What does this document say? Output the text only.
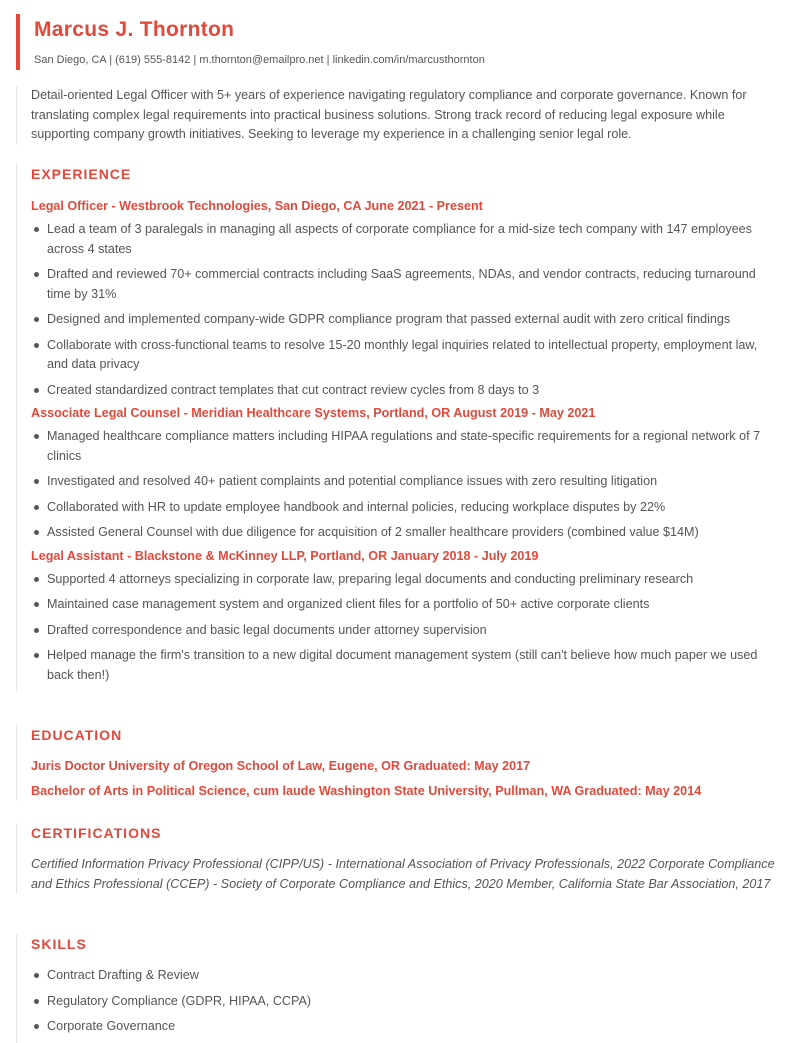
Marcus J. Thornton
San Diego, CA | (619) 555-8142 | m.thornton@emailpro.net | linkedin.com/in/marcusthornton
Detail-oriented Legal Officer with 5+ years of experience navigating regulatory compliance and corporate governance. Known for translating complex legal requirements into practical business solutions. Strong track record of reducing legal exposure while supporting company growth initiatives. Seeking to leverage my experience in a challenging senior legal role.
EXPERIENCE
Legal Officer - Westbrook Technologies, San Diego, CA June 2021 - Present
Lead a team of 3 paralegals in managing all aspects of corporate compliance for a mid-size tech company with 147 employees across 4 states
Drafted and reviewed 70+ commercial contracts including SaaS agreements, NDAs, and vendor contracts, reducing turnaround time by 31%
Designed and implemented company-wide GDPR compliance program that passed external audit with zero critical findings
Collaborate with cross-functional teams to resolve 15-20 monthly legal inquiries related to intellectual property, employment law, and data privacy
Created standardized contract templates that cut contract review cycles from 8 days to 3
Associate Legal Counsel - Meridian Healthcare Systems, Portland, OR August 2019 - May 2021
Managed healthcare compliance matters including HIPAA regulations and state-specific requirements for a regional network of 7 clinics
Investigated and resolved 40+ patient complaints and potential compliance issues with zero resulting litigation
Collaborated with HR to update employee handbook and internal policies, reducing workplace disputes by 22%
Assisted General Counsel with due diligence for acquisition of 2 smaller healthcare providers (combined value $14M)
Legal Assistant - Blackstone & McKinney LLP, Portland, OR January 2018 - July 2019
Supported 4 attorneys specializing in corporate law, preparing legal documents and conducting preliminary research
Maintained case management system and organized client files for a portfolio of 50+ active corporate clients
Drafted correspondence and basic legal documents under attorney supervision
Helped manage the firm's transition to a new digital document management system (still can't believe how much paper we used back then!)
EDUCATION
Juris Doctor University of Oregon School of Law, Eugene, OR Graduated: May 2017
Bachelor of Arts in Political Science, cum laude Washington State University, Pullman, WA Graduated: May 2014
CERTIFICATIONS
Certified Information Privacy Professional (CIPP/US) - International Association of Privacy Professionals, 2022 Corporate Compliance and Ethics Professional (CCEP) - Society of Corporate Compliance and Ethics, 2020 Member, California State Bar Association, 2017
SKILLS
Contract Drafting & Review
Regulatory Compliance (GDPR, HIPAA, CCPA)
Corporate Governance
